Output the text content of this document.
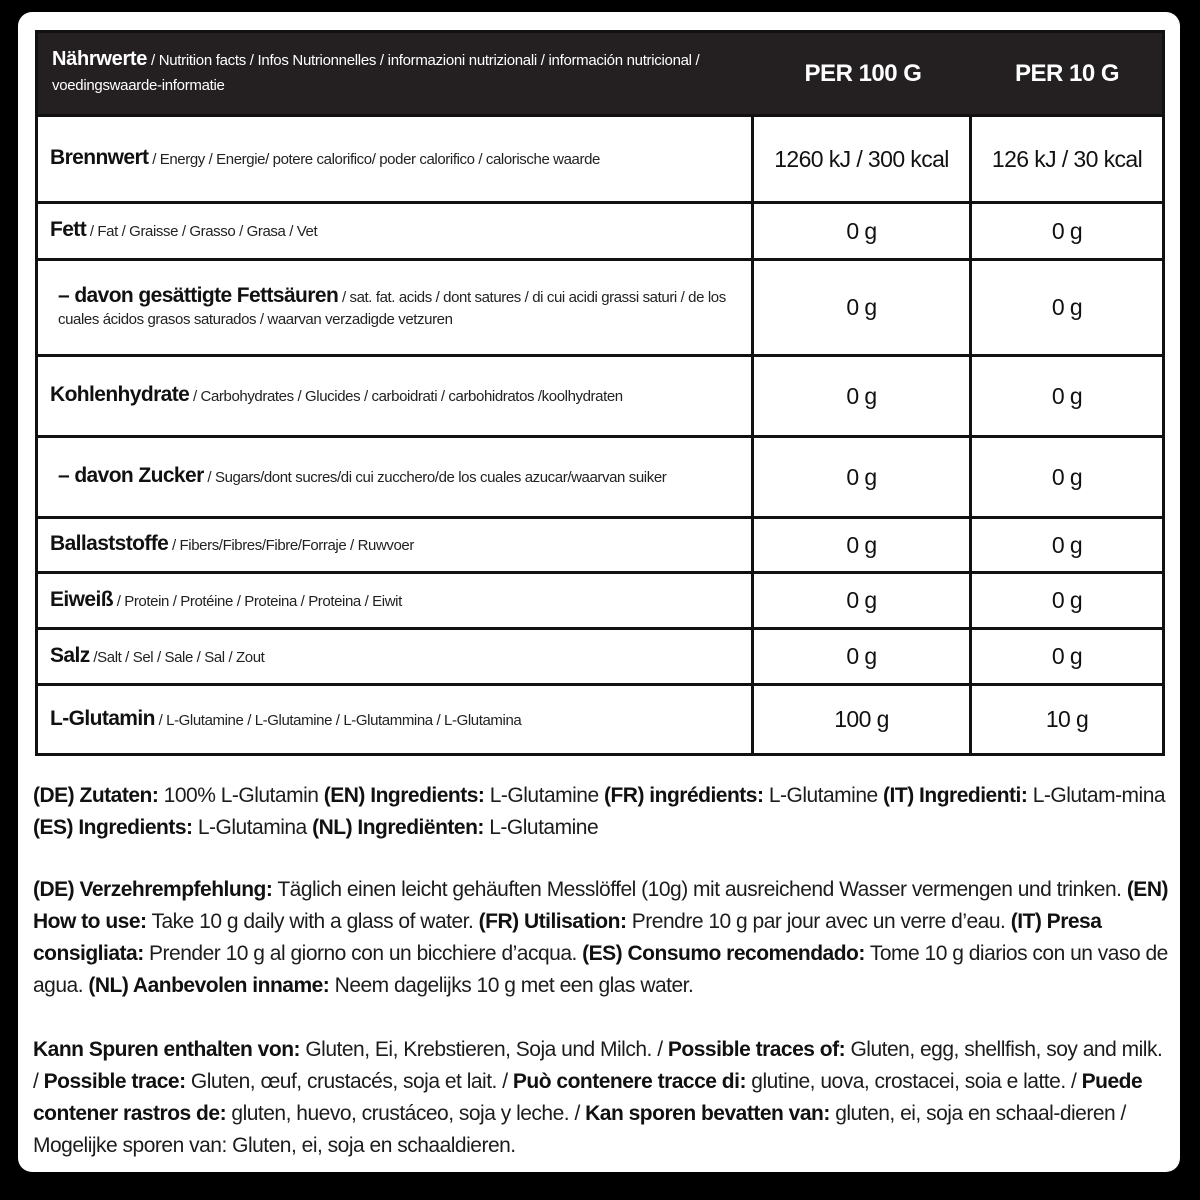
Nährwerte / Nutrition facts / Infos Nutrionnelles / informazioni nutrizionali / información nutricional / voedingswaarde-informatie	PER 100 G	PER 10 G
Brennwert / Energy / Energie/ potere calorifico/ poder calorifico / calorische waarde	1260 kJ / 300 kcal	126 kJ / 30 kcal
Fett / Fat / Graisse / Grasso / Grasa / Vet	0 g	0 g
– davon gesättigte Fettsäuren / sat. fat. acids / dont satures / di cui acidi grassi saturi / de los cuales ácidos grasos saturados / waarvan verzadigde vetzuren	0 g	0 g
Kohlenhydrate / Carbohydrates / Glucides / carboidrati / carbohidratos /koolhydraten	0 g	0 g
– davon Zucker / Sugars/dont sucres/di cui zucchero/de los cuales azucar/waarvan suiker	0 g	0 g
Ballaststoffe / Fibers/Fibres/Fibre/Forraje / Ruwvoer	0 g	0 g
Eiweiß / Protein / Protéine / Proteina / Proteina / Eiwit	0 g	0 g
Salz /Salt / Sel / Sale / Sal / Zout	0 g	0 g
L-Glutamin / L-Glutamine / L-Glutamine / L-Glutammina / L-Glutamina	100 g	10 g
(DE) Zutaten: 100% L-Glutamin (EN) Ingredients: L-Glutamine (FR) ingrédients: L-Glutamine (IT) Ingredienti: L-Glutam-mina (ES) Ingredients: L-Glutamina (NL) Ingrediënten: L-Glutamine
(DE) Verzehrempfehlung: Täglich einen leicht gehäuften Messlöffel (10g) mit ausreichend Wasser vermengen und trinken. (EN) How to use: Take 10 g daily with a glass of water. (FR) Utilisation: Prendre 10 g par jour avec un verre d’eau. (IT) Presa consigliata: Prender 10 g al giorno con un bicchiere d’acqua. (ES) Consumo recomendado: Tome 10 g diarios con un vaso de agua. (NL) Aanbevolen inname: Neem dagelijks 10 g met een glas water.
Kann Spuren enthalten von: Gluten, Ei, Krebstieren, Soja und Milch. / Possible traces of: Gluten, egg, shellfish, soy and milk. / Possible trace: Gluten, œuf, crustacés, soja et lait. / Può contenere tracce di: glutine, uova, crostacei, soia e latte. / Puede contener rastros de: gluten, huevo, crustáceo, soja y leche. / Kan sporen bevatten van: gluten, ei, soja en schaal-dieren / Mogelijke sporen van: Gluten, ei, soja en schaaldieren.
